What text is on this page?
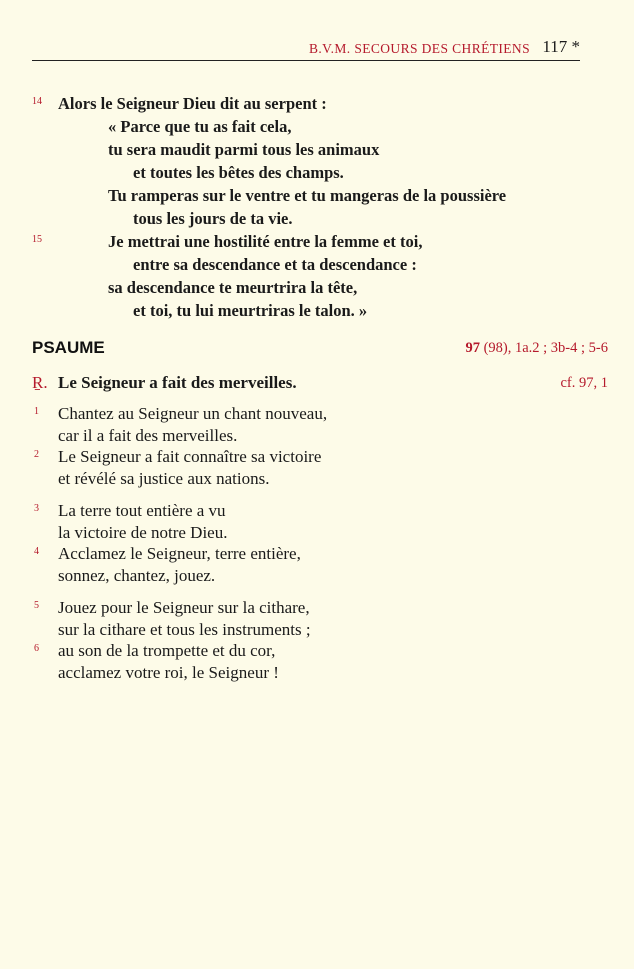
B.V.M. SECOURS DES CHRÉTIENS 117 *
14 Alors le Seigneur Dieu dit au serpent :
« Parce que tu as fait cela,
tu sera maudit parmi tous les animaux
et toutes les bêtes des champs.
Tu ramperas sur le ventre et tu mangeras de la poussière
tous les jours de ta vie.
15	Je mettrai une hostilité entre la femme et toi,
entre sa descendance et ta descendance :
sa descendance te meurtrira la tête,
et toi, tu lui meurtriras le talon. »
PSAUME	97 (98), 1a.2 ; 3b-4 ; 5-6
Ṟ. Le Seigneur a fait des merveilles.	cf. 97, 1
1 Chantez au Seigneur un chant nouveau,
car il a fait des merveilles.
2 Le Seigneur a fait connaître sa victoire
et révélé sa justice aux nations.
3 La terre tout entière a vu
la victoire de notre Dieu.
4 Acclamez le Seigneur, terre entière,
sonnez, chantez, jouez.
5 Jouez pour le Seigneur sur la cithare,
sur la cithare et tous les instruments ;
6 au son de la trompette et du cor,
acclamez votre roi, le Seigneur !
